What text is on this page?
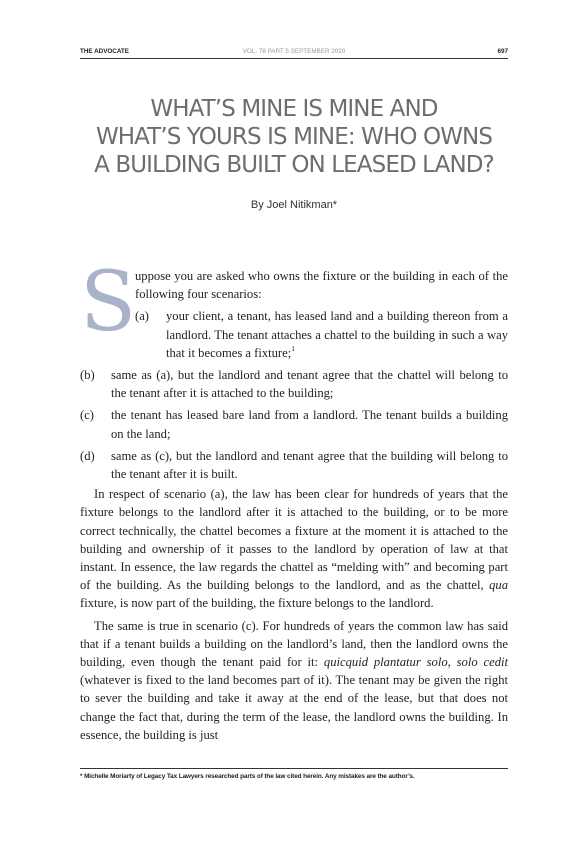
THE ADVOCATE	VOL. 78 PART 5 SEPTEMBER 2020	697
WHAT’S MINE IS MINE AND
WHAT’S YOURS IS MINE: WHO OWNS
A BUILDING BUILT ON LEASED LAND?
By Joel Nitikman*
S

uppose you are asked who owns the fixture or the building in each of the following four scenarios:

(a) your client, a tenant, has leased land and a building thereon from a landlord. The tenant attaches a chattel to the building in such a way that it becomes a fixture;$^1$
(b) same as (a), but the landlord and tenant agree that the chattel will belong to the tenant after it is attached to the building;
(c) the tenant has leased bare land from a landlord. The tenant builds a building on the land;
(d) same as (c), but the landlord and tenant agree that the building will belong to the tenant after it is built.

In respect of scenario (a), the law has been clear for hundreds of years that the fixture belongs to the landlord after it is attached to the building, or to be more correct technically, the chattel becomes a fixture at the moment it is attached to the building and ownership of it passes to the landlord by operation of law at that instant. In essence, the law regards the chattel as “melding with” and becoming part of the building. As the building belongs to the landlord, and as the chattel, qua fixture, is now part of the building, the fixture belongs to the landlord.

The same is true in scenario (c). For hundreds of years the common law has said that if a tenant builds a building on the landlord’s land, then the landlord owns the building, even though the tenant paid for it: quicquid plantatur solo, solo cedit (whatever is fixed to the land becomes part of it). The tenant may be given the right to sever the building and take it away at the end of the lease, but that does not change the fact that, during the term of the lease, the landlord owns the building. In essence, the building is just

* Michelle Moriarty of Legacy Tax Lawyers researched parts of the law cited herein. Any mistakes are the author’s.
